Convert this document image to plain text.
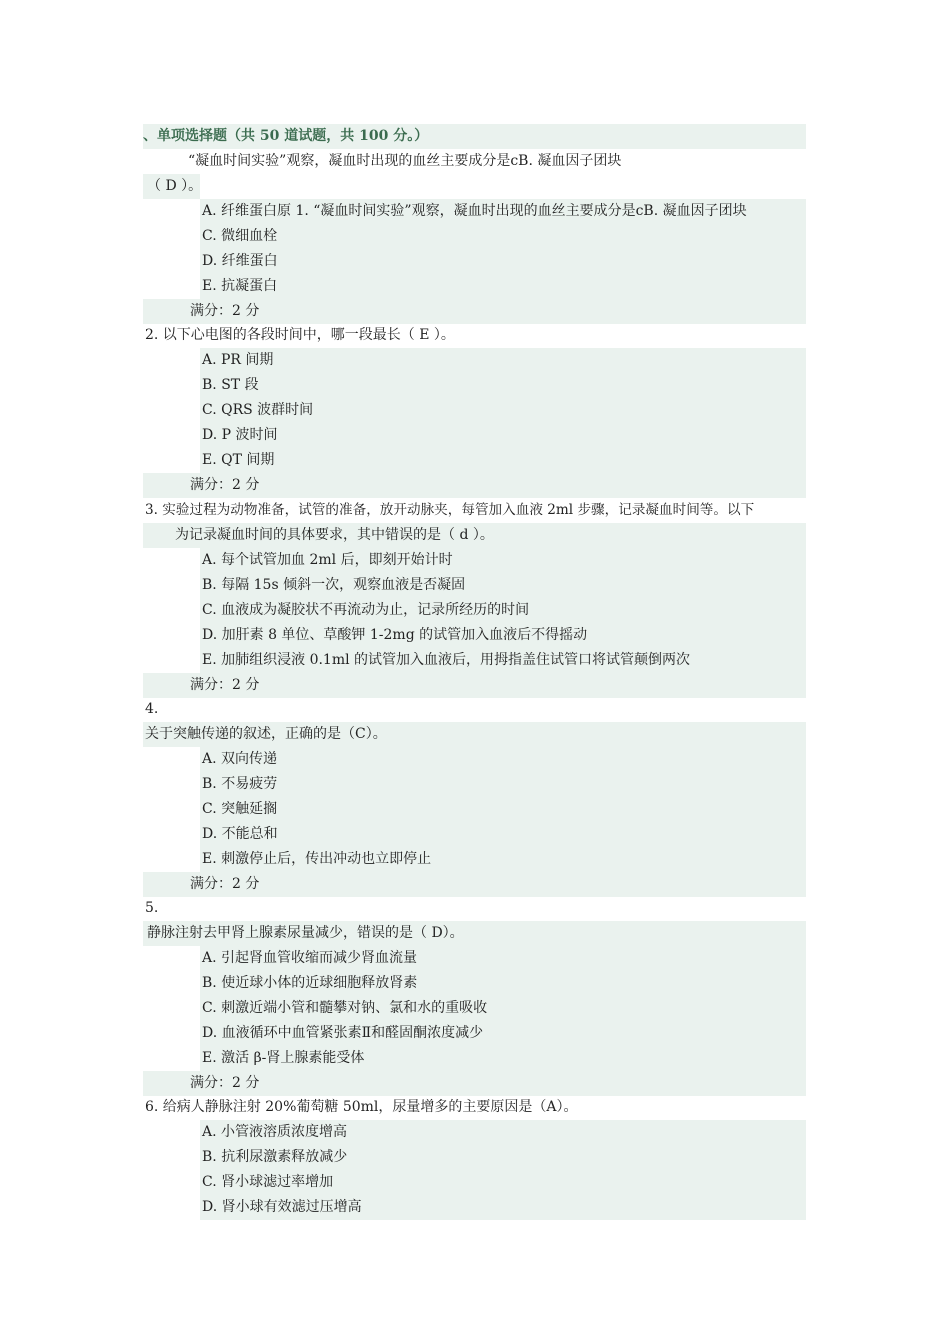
、单项选择题（共 50 道试题，共 100 分。）
“凝血时间实验”观察，凝血时出现的血丝主要成分是cB. 凝血因子团块
（ D ）。
A. 纤维蛋白原 1. “凝血时间实验”观察，凝血时出现的血丝主要成分是cB. 凝血因子团块
C. 微细血栓
D. 纤维蛋白
E. 抗凝蛋白
满分：2 分
2. 以下心电图的各段时间中，哪一段最长（ E ）。
A. PR 间期
B. ST 段
C. QRS 波群时间
D. P 波时间
E. QT 间期
满分：2 分
3. 实验过程为动物准备，试管的准备，放开动脉夹，每管加入血液 2ml 步骤，记录凝血时间等。以下
为记录凝血时间的具体要求，其中错误的是（ d ）。
A. 每个试管加血 2ml 后，即刻开始计时
B. 每隔 15s 倾斜一次，观察血液是否凝固
C. 血液成为凝胶状不再流动为止，记录所经历的时间
D. 加肝素 8 单位、草酸钾 1-2mg 的试管加入血液后不得摇动
E. 加肺组织浸液 0.1ml 的试管加入血液后，用拇指盖住试管口将试管颠倒两次
满分：2 分
4.
关于突触传递的叙述，正确的是（C）。
A. 双向传递
B. 不易疲劳
C. 突触延搁
D. 不能总和
E. 刺激停止后，传出冲动也立即停止
满分：2 分
5.
静脉注射去甲肾上腺素尿量减少，错误的是（ D）。
A. 引起肾血管收缩而减少肾血流量
B. 使近球小体的近球细胞释放肾素
C. 刺激近端小管和髓攀对钠、氯和水的重吸收
D. 血液循环中血管紧张素Ⅱ和醛固酮浓度减少
E. 激活 β-肾上腺素能受体
满分：2 分
6. 给病人静脉注射 20%葡萄糖 50ml，尿量增多的主要原因是（A）。
A. 小管液溶质浓度增高
B. 抗利尿激素释放减少
C. 肾小球滤过率增加
D. 肾小球有效滤过压增高
